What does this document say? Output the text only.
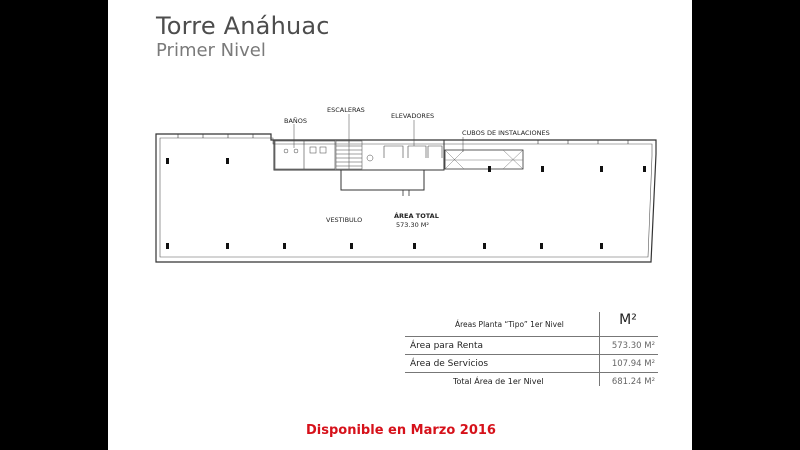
Torre Anáhuac
Primer Nivel
BAÑOS
ESCALERAS
ELEVADORES
CUBOS DE INSTALACIONES
VESTIBULO	ÁREA TOTAL
573.30 M²
Áreas Planta “Tipo” 1er Nivel	M²
Área para Renta	573.30 M²
Área de Servicios	107.94 M²
Total Área de 1er Nivel	681.24 M²
Disponible en Marzo 2016
